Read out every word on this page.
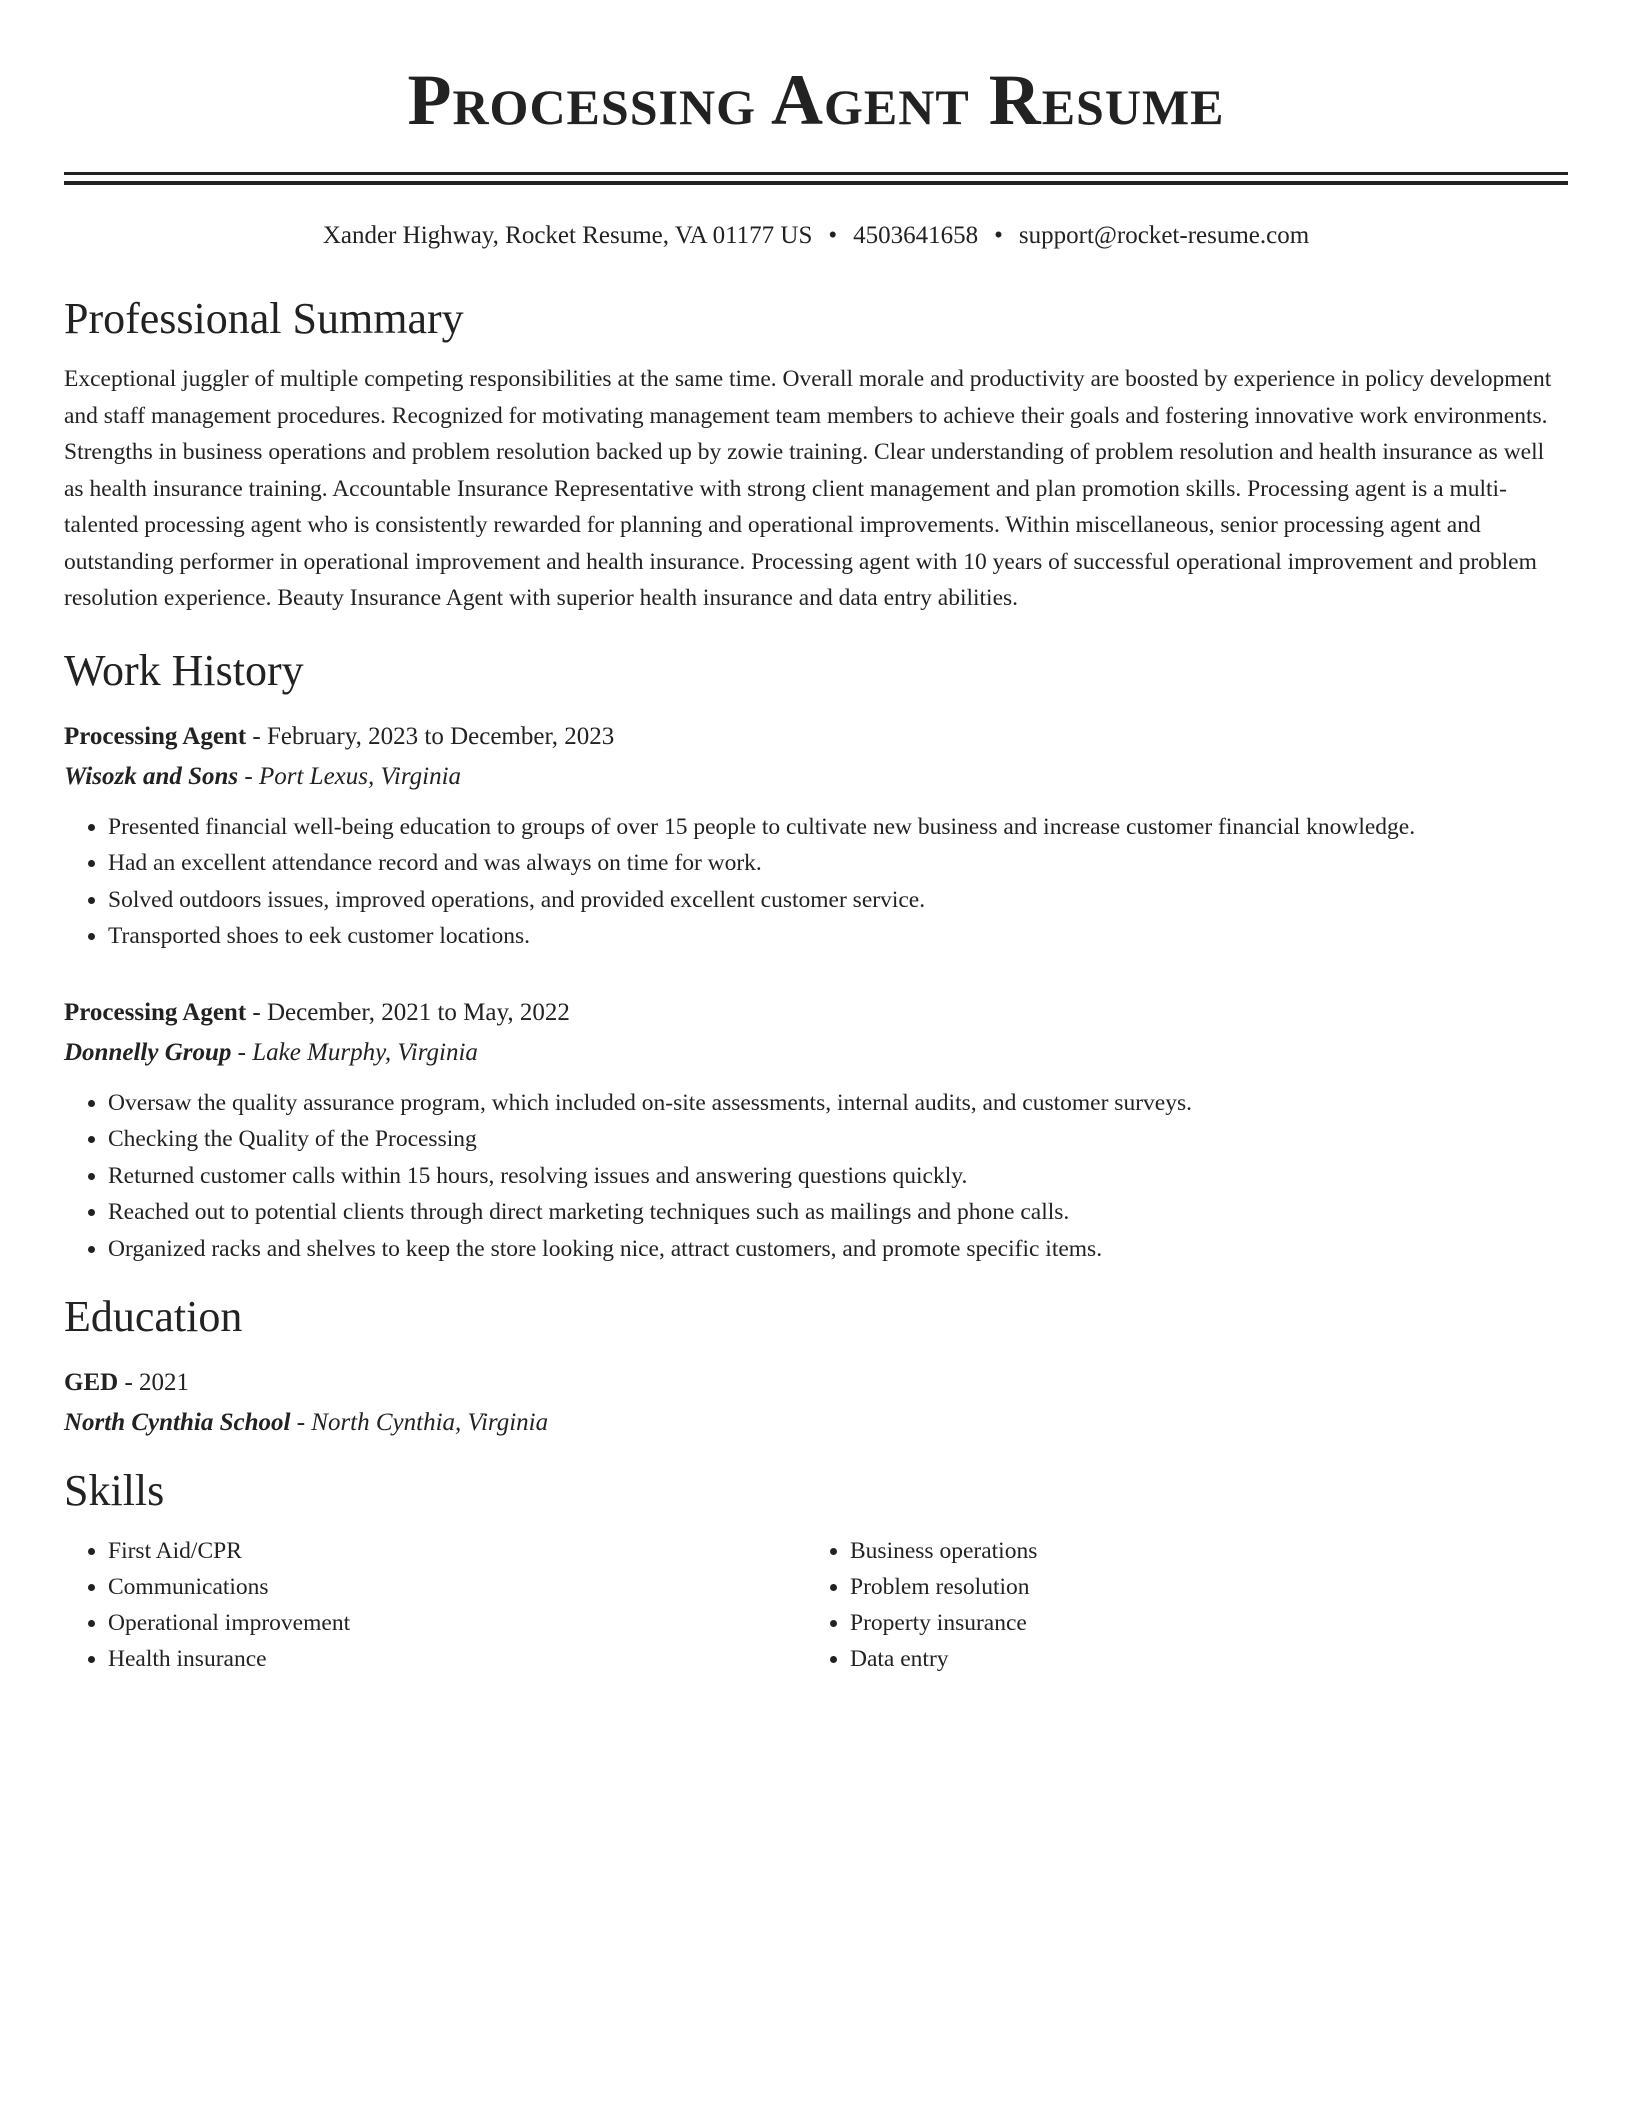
Processing Agent Resume
Xander Highway, Rocket Resume, VA 01177 US • 4503641658 • support@rocket-resume.com
Professional Summary

Exceptional juggler of multiple competing responsibilities at the same time. Overall morale and productivity are boosted by experience in policy development and staff management procedures. Recognized for motivating management team members to achieve their goals and fostering innovative work environments. Strengths in business operations and problem resolution backed up by zowie training. Clear understanding of problem resolution and health insurance as well as health insurance training. Accountable Insurance Representative with strong client management and plan promotion skills. Processing agent is a multi-talented processing agent who is consistently rewarded for planning and operational improvements. Within miscellaneous, senior processing agent and outstanding performer in operational improvement and health insurance. Processing agent with 10 years of successful operational improvement and problem resolution experience. Beauty Insurance Agent with superior health insurance and data entry abilities.

Work History
Processing Agent - February, 2023 to December, 2023
Wisozk and Sons - Port Lexus, Virginia
• Presented financial well-being education to groups of over 15 people to cultivate new business and increase customer financial knowledge.
• Had an excellent attendance record and was always on time for work.
• Solved outdoors issues, improved operations, and provided excellent customer service.
• Transported shoes to eek customer locations.
Processing Agent - December, 2021 to May, 2022
Donnelly Group - Lake Murphy, Virginia
• Oversaw the quality assurance program, which included on-site assessments, internal audits, and customer surveys.
• Checking the Quality of the Processing
• Returned customer calls within 15 hours, resolving issues and answering questions quickly.
• Reached out to potential clients through direct marketing techniques such as mailings and phone calls.
• Organized racks and shelves to keep the store looking nice, attract customers, and promote specific items.
Education
GED - 2021
North Cynthia School - North Cynthia, Virginia
Skills
• First Aid/CPR
• Communications
• Operational improvement
• Health insurance
• Business operations
• Problem resolution
• Property insurance
• Data entry
